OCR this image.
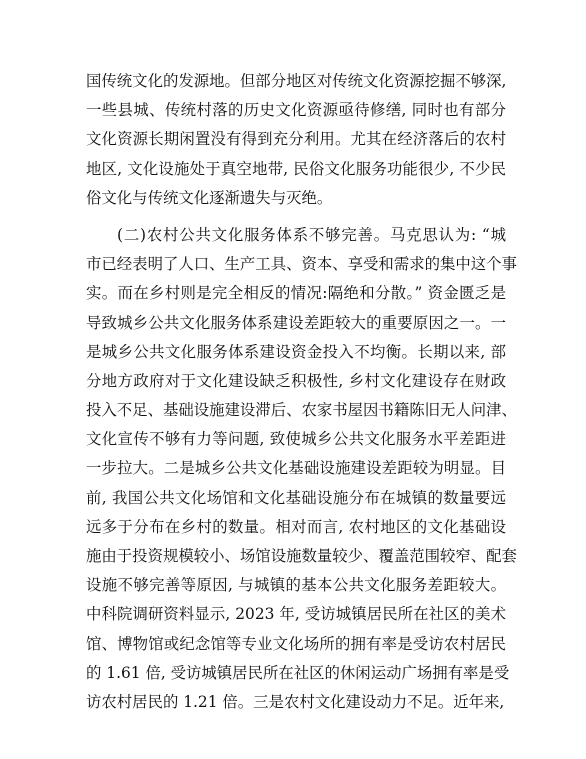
国传统文化的发源地。但部分地区对传统文化资源挖掘不够深,
一些县城、传统村落的历史文化资源亟待修缮, 同时也有部分
文化资源长期闲置没有得到充分利用。尤其在经济落后的农村
地区, 文化设施处于真空地带, 民俗文化服务功能很少, 不少民
俗文化与传统文化逐渐遗失与灭绝。
(二)农村公共文化服务体系不够完善。马克思认为: “城
市已经表明了人口、生产工具、资本、享受和需求的集中这个事
实。而在乡村则是完全相反的情况:隔绝和分散。” 资金匮乏是
导致城乡公共文化服务体系建设差距较大的重要原因之一。一
是城乡公共文化服务体系建设资金投入不均衡。长期以来, 部
分地方政府对于文化建设缺乏积极性, 乡村文化建设存在财政
投入不足、基础设施建设滞后、农家书屋因书籍陈旧无人问津、
文化宣传不够有力等问题, 致使城乡公共文化服务水平差距进
一步拉大。二是城乡公共文化基础设施建设差距较为明显。目
前, 我国公共文化场馆和文化基础设施分布在城镇的数量要远
远多于分布在乡村的数量。相对而言, 农村地区的文化基础设
施由于投资规模较小、场馆设施数量较少、覆盖范围较窄、配套
设施不够完善等原因, 与城镇的基本公共文化服务差距较大。
中科院调研资料显示, 2023 年, 受访城镇居民所在社区的美术
馆、博物馆或纪念馆等专业文化场所的拥有率是受访农村居民
的 1.61 倍, 受访城镇居民所在社区的休闲运动广场拥有率是受
访农村居民的 1.21 倍。三是农村文化建设动力不足。近年来,
